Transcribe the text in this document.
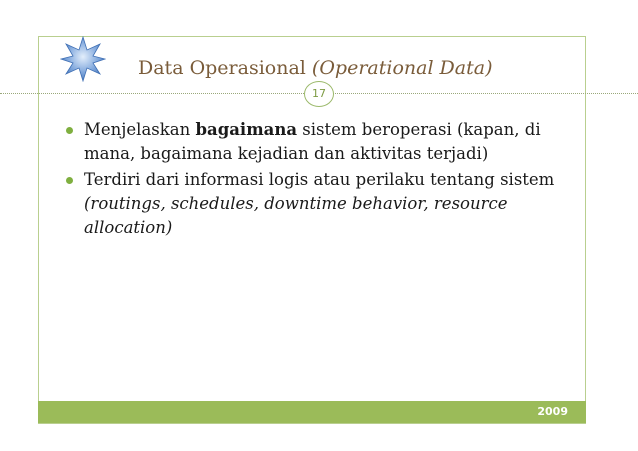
Data Operasional (Operational Data)
17
Menjelaskan bagaimana sistem beroperasi (kapan, di mana, bagaimana kejadian dan aktivitas terjadi)
Terdiri dari informasi logis atau perilaku tentang sistem (routings, schedules, downtime behavior, resource allocation)
2009
